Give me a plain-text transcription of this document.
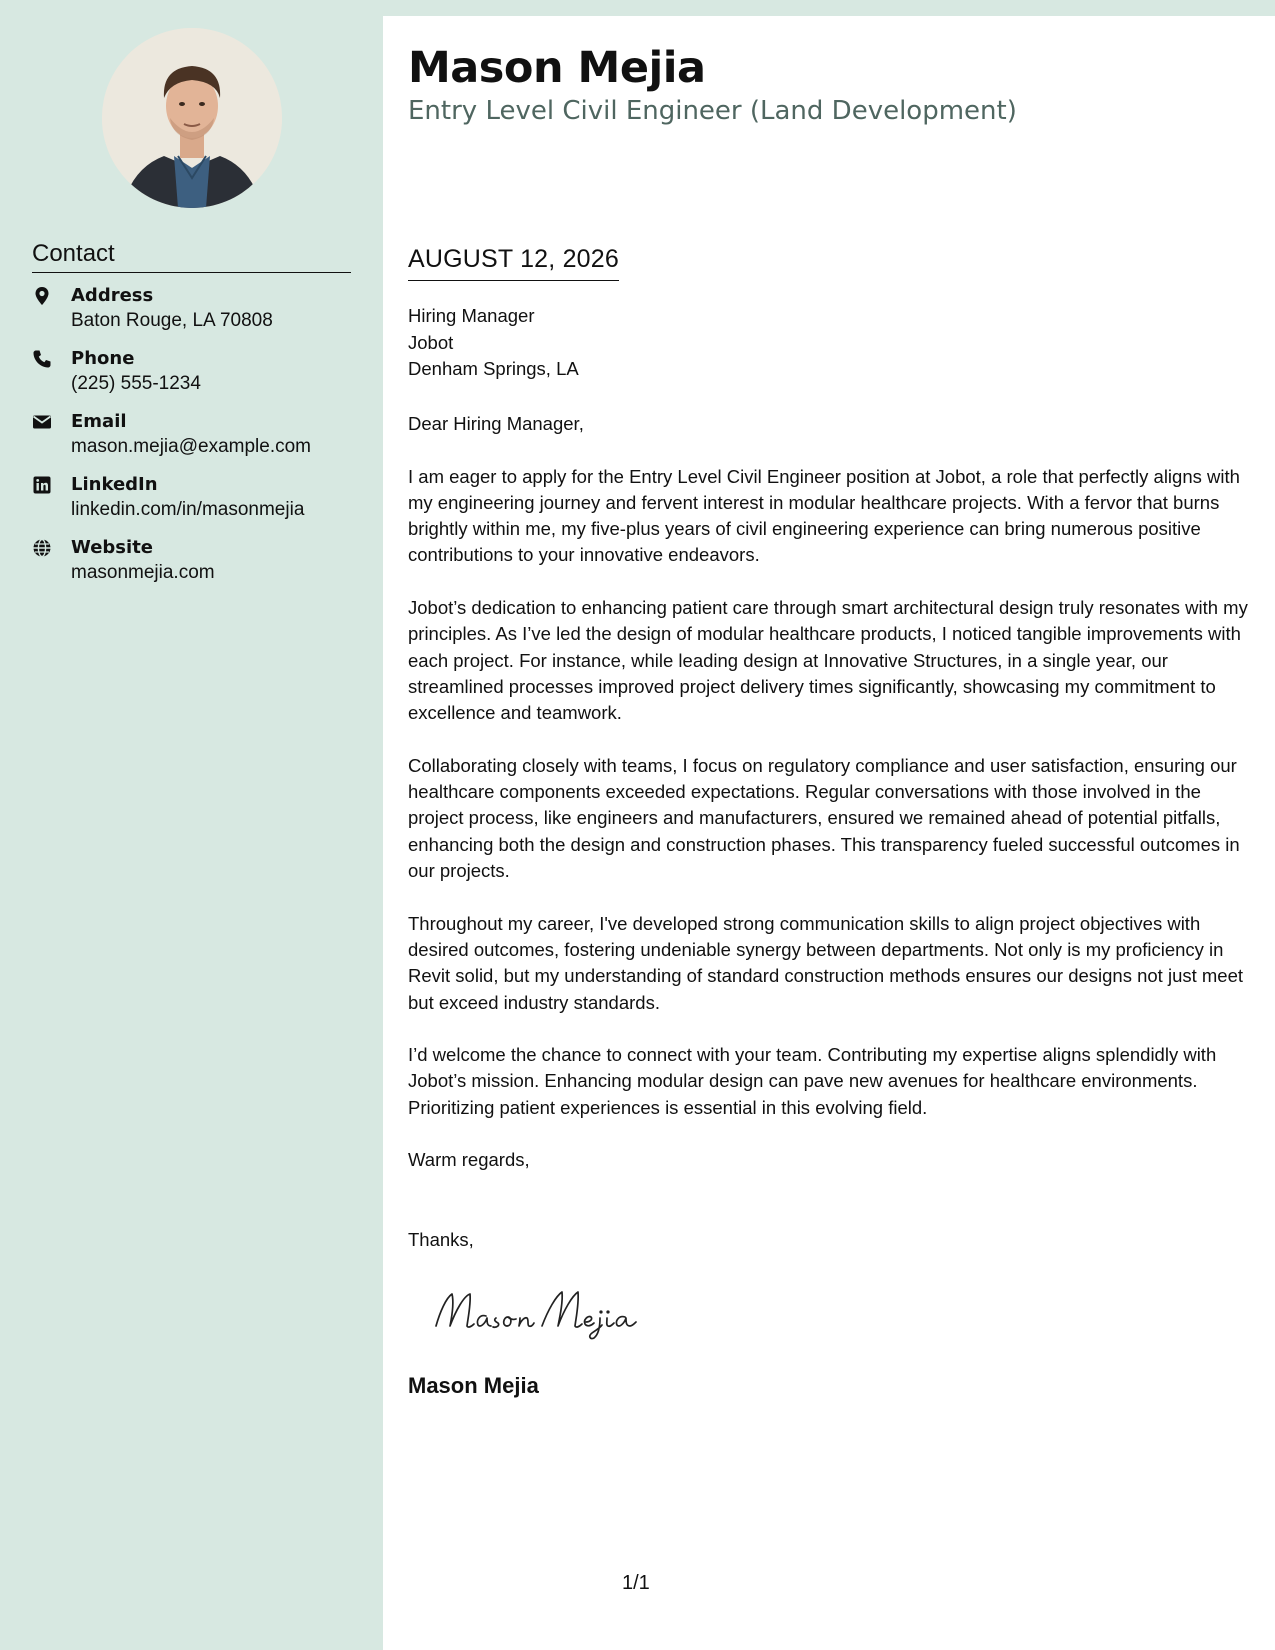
Contact
Address
Baton Rouge, LA 70808
Phone
(225) 555-1234
Email
mason.mejia@example.com
LinkedIn
linkedin.com/in/masonmejia
Website
masonmejia.com
Mason Mejia
Entry Level Civil Engineer (Land Development)
AUGUST 12, 2026
Hiring Manager
Jobot
Denham Springs, LA

Dear Hiring Manager,

I am eager to apply for the Entry Level Civil Engineer position at Jobot, a role that perfectly aligns with my engineering journey and fervent interest in modular healthcare projects. With a fervor that burns brightly within me, my five-plus years of civil engineering experience can bring numerous positive contributions to your innovative endeavors.

Jobot’s dedication to enhancing patient care through smart architectural design truly resonates with my principles. As I’ve led the design of modular healthcare products, I noticed tangible improvements with each project. For instance, while leading design at Innovative Structures, in a single year, our streamlined processes improved project delivery times significantly, showcasing my commitment to excellence and teamwork.

Collaborating closely with teams, I focus on regulatory compliance and user satisfaction, ensuring our healthcare components exceeded expectations. Regular conversations with those involved in the project process, like engineers and manufacturers, ensured we remained ahead of potential pitfalls, enhancing both the design and construction phases. This transparency fueled successful outcomes in our projects.

Throughout my career, I've developed strong communication skills to align project objectives with desired outcomes, fostering undeniable synergy between departments. Not only is my proficiency in Revit solid, but my understanding of standard construction methods ensures our designs not just meet but exceed industry standards.

I’d welcome the chance to connect with your team. Contributing my expertise aligns splendidly with Jobot’s mission. Enhancing modular design can pave new avenues for healthcare environments. Prioritizing patient experiences is essential in this evolving field.

Warm regards,

Thanks,
Mason Mejia
1/1
